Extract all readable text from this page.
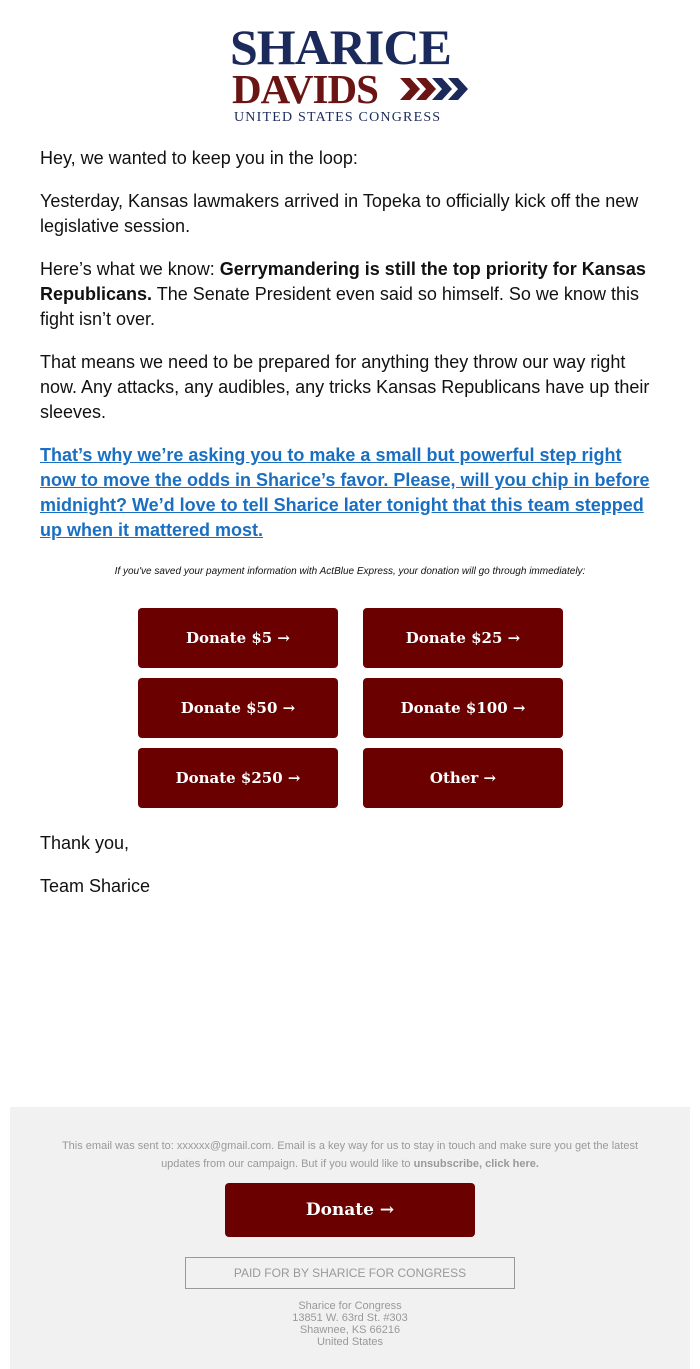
SHARICE
DAVIDS
UNITED STATES CONGRESS

Hey, we wanted to keep you in the loop:

Yesterday, Kansas lawmakers arrived in Topeka to officially kick off the new legislative session.

Here’s what we know: Gerrymandering is still the top priority for Kansas Republicans. The Senate President even said so himself. So we know this fight isn’t over.

That means we need to be prepared for anything they throw our way right now. Any attacks, any audibles, any tricks Kansas Republicans have up their sleeves.

That’s why we’re asking you to make a small but powerful step right now to move the odds in Sharice’s favor. Please, will you chip in before midnight? We’d love to tell Sharice later tonight that this team stepped up when it mattered most.

If you've saved your payment information with ActBlue Express, your donation will go through immediately:
Donate $5 →	Donate $25 →
Donate $50 →	Donate $100 →
Donate $250 →	Other →
Thank you,
Team Sharice
This email was sent to: xxxxxx@gmail.com. Email is a key way for us to stay in touch and make sure you get the latest updates from our campaign. But if you would like to unsubscribe, click here.
Donate →
PAID FOR BY SHARICE FOR CONGRESS
Sharice for Congress
13851 W. 63rd St. #303
Shawnee, KS 66216
United States
